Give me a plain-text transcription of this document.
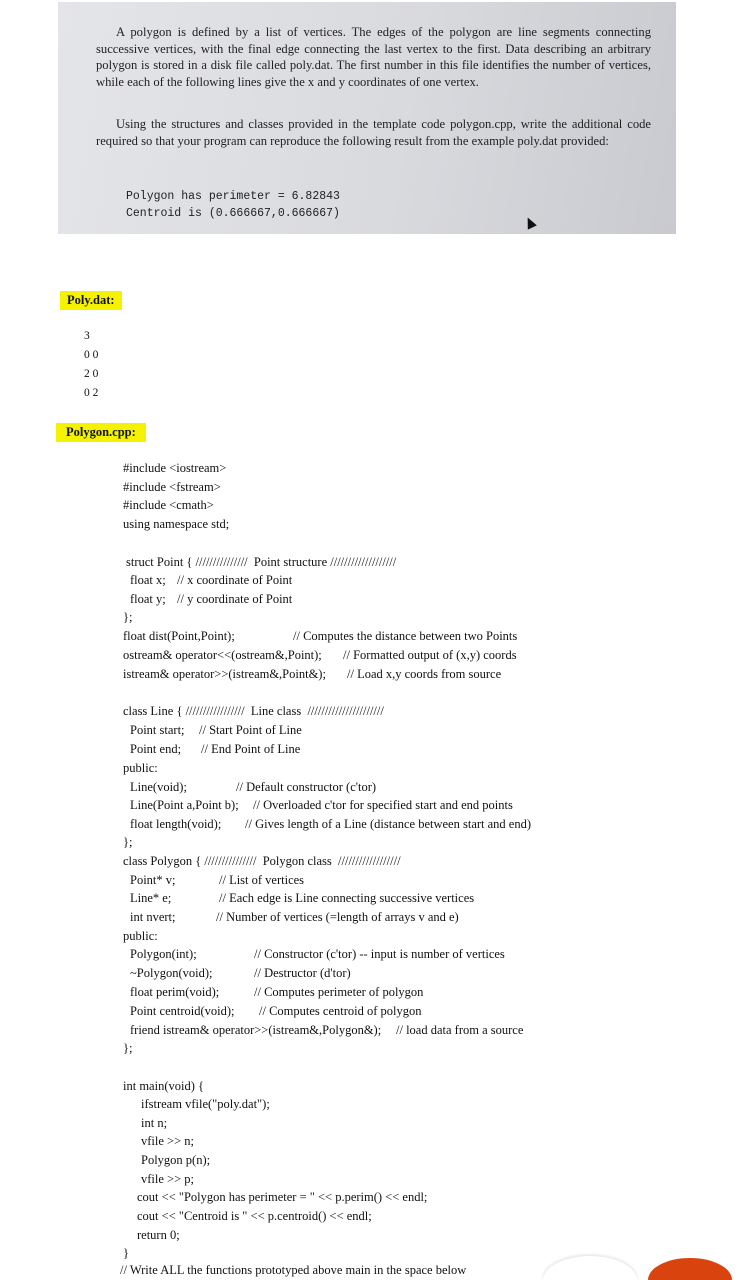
A polygon is defined by a list of vertices. The edges of the polygon are line segments connecting successive vertices, with the final edge connecting the last vertex to the first. Data describing an arbitrary polygon is stored in a disk file called poly.dat. The first number in this file identifies the number of vertices, while each of the following lines give the x and y coordinates of one vertex.
Using the structures and classes provided in the template code polygon.cpp, write the additional code required so that your program can reproduce the following result from the example poly.dat provided:
Polygon has perimeter = 6.82843
Centroid is (0.666667,0.666667)
Poly.dat:
3
0 0
2 0
0 2
Polygon.cpp:
#include <iostream>
#include <fstream>
#include <cmath>
using namespace std;
struct Point { ///////////////  Point structure ///////////////////
float x; // x coordinate of Point
float y; // y coordinate of Point
};
float dist(Point,Point);	// Computes the distance between two Points
ostream& operator<<(ostream&,Point); // Formatted output of (x,y) coords
istream& operator>>(istream&,Point&); // Load x,y coords from source
class Line { /////////////////  Line class  //////////////////////
Point start; // Start Point of Line
Point end; // End Point of Line
public:
Line(void);	// Default constructor (c'tor)
Line(Point a,Point b); // Overloaded c'tor for specified start and end points
float length(void); // Gives length of a Line (distance between start and end)
};
class Polygon { ///////////////  Polygon class  //////////////////
Point* v;	// List of vertices
Line* e;	// Each edge is Line connecting successive vertices
int nvert;	// Number of vertices (=length of arrays v and e)
public:
Polygon(int);	// Constructor (c'tor) -- input is number of vertices
~Polygon(void);	// Destructor (d'tor)
float perim(void);	// Computes perimeter of polygon
Point centroid(void); // Computes centroid of polygon
friend istream& operator>>(istream&,Polygon&); // load data from a source
};
int main(void) {
ifstream vfile("poly.dat");
int n;
vfile >> n;
Polygon p(n);
vfile >> p;
cout << "Polygon has perimeter = " << p.perim() << endl;
cout << "Centroid is " << p.centroid() << endl;
return 0;
}
// Write ALL the functions prototyped above main in the space below
